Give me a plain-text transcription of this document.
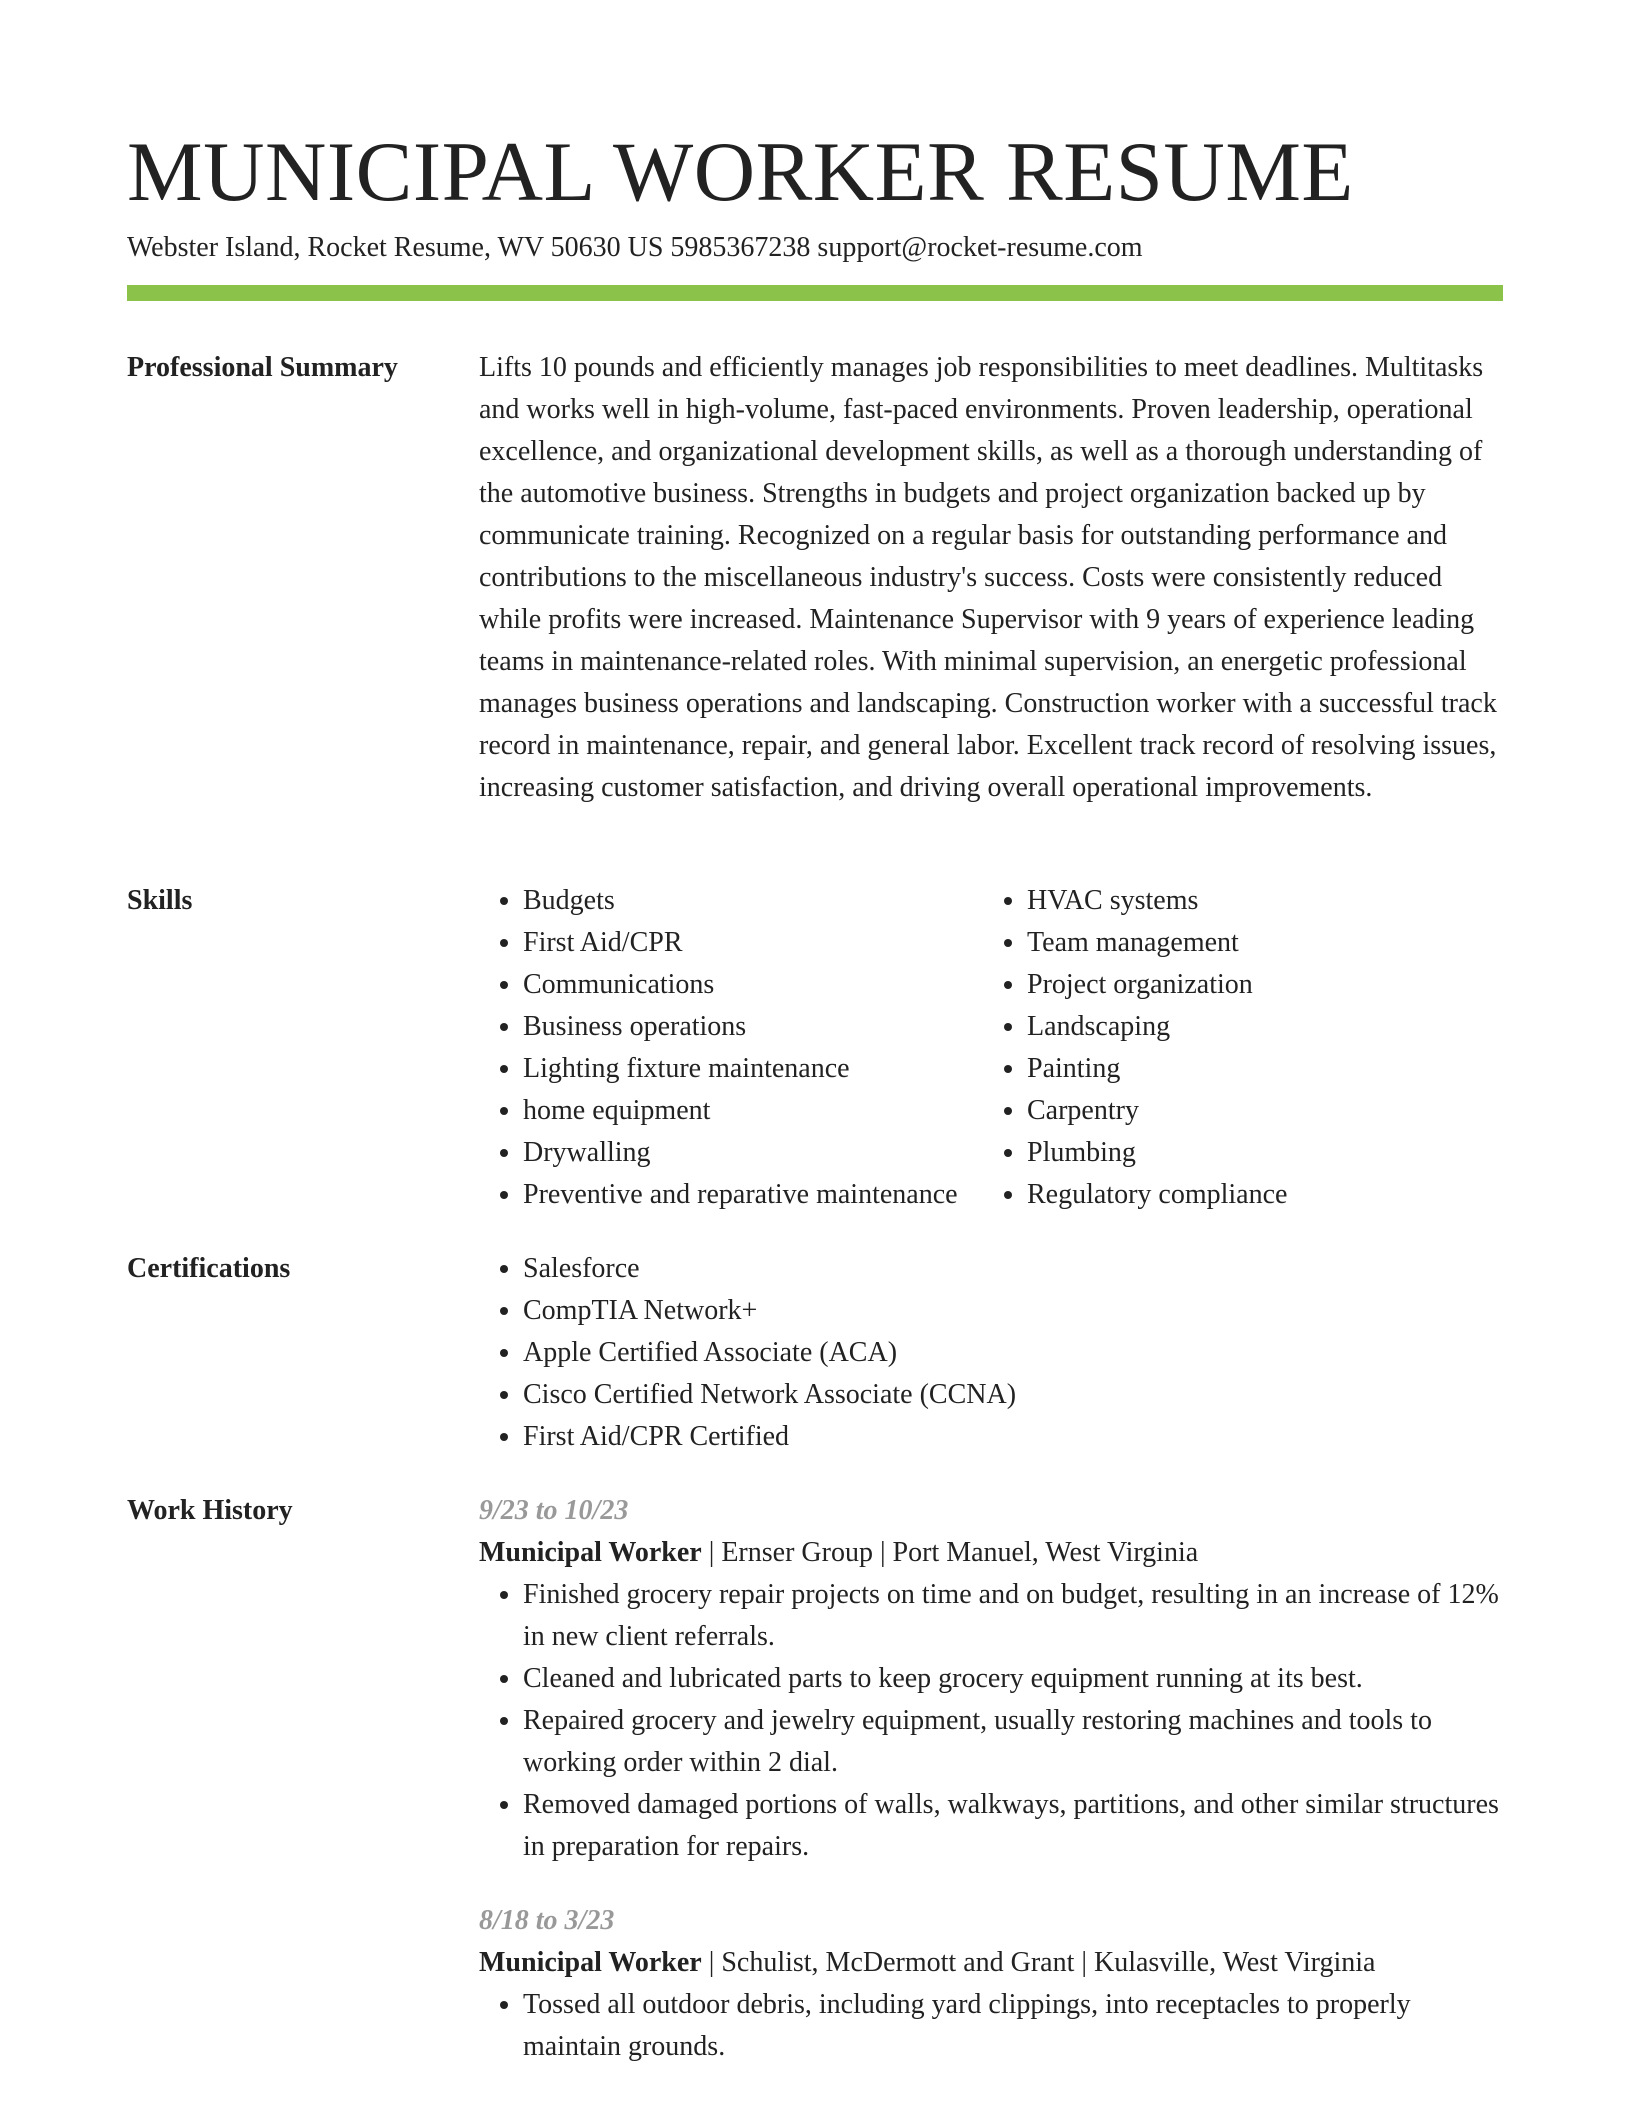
MUNICIPAL WORKER RESUME
Webster Island, Rocket Resume, WV 50630 US 5985367238 support@rocket-resume.com
Professional Summary	Lifts 10 pounds and efficiently manages job responsibilities to meet deadlines. Multitasks and works well in high-volume, fast-paced environments. Proven leadership, operational excellence, and organizational development skills, as well as a thorough understanding of the automotive business. Strengths in budgets and project organization backed up by communicate training. Recognized on a regular basis for outstanding performance and contributions to the miscellaneous industry's success. Costs were consistently reduced while profits were increased. Maintenance Supervisor with 9 years of experience leading teams in maintenance-related roles. With minimal supervision, an energetic professional manages business operations and landscaping. Construction worker with a successful track record in maintenance, repair, and general labor. Excellent track record of resolving issues, increasing customer satisfaction, and driving overall operational improvements.

Skills	• Budgets
• First Aid/CPR
• Communications
• Business operations
• Lighting fixture maintenance
• home equipment
• Drywalling
• Preventive and reparative maintenance
• HVAC systems
• Team management
• Project organization
• Landscaping
• Painting
• Carpentry
• Plumbing
• Regulatory compliance
Certifications	• Salesforce
• CompTIA Network+
• Apple Certified Associate (ACA)
• Cisco Certified Network Associate (CCNA)
• First Aid/CPR Certified
Work History	9/23 to 10/23
Municipal Worker | Ernser Group | Port Manuel, West Virginia
• Finished grocery repair projects on time and on budget, resulting in an increase of 12% in new client referrals.
• Cleaned and lubricated parts to keep grocery equipment running at its best.
• Repaired grocery and jewelry equipment, usually restoring machines and tools to working order within 2 dial.
• Removed damaged portions of walls, walkways, partitions, and other similar structures in preparation for repairs.
8/18 to 3/23
Municipal Worker | Schulist, McDermott and Grant | Kulasville, West Virginia
• Tossed all outdoor debris, including yard clippings, into receptacles to properly maintain grounds.
